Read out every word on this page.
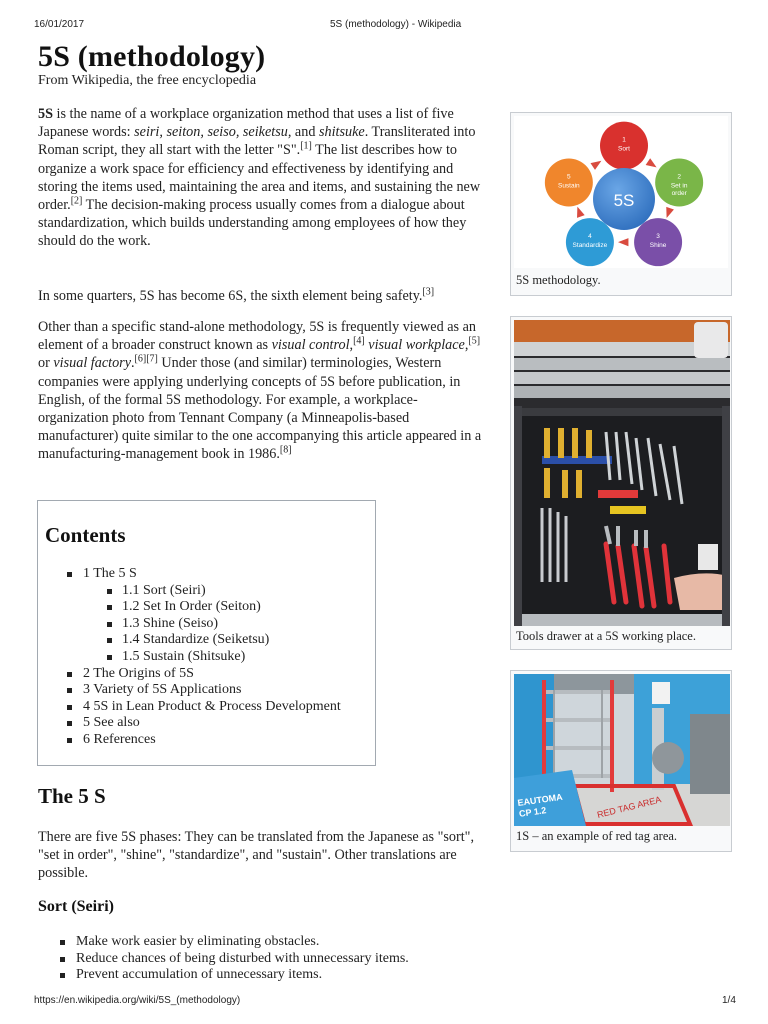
16/01/2017	5S (methodology) - Wikipedia
5S (methodology)
From Wikipedia, the free encyclopedia
5S is the name of a workplace organization method that uses a list of five Japanese words: seiri, seiton, seiso, seiketsu, and shitsuke. Transliterated into Roman script, they all start with the letter "S".[1] The list describes how to organize a work space for efficiency and effectiveness by identifying and storing the items used, maintaining the area and items, and sustaining the new order.[2] The decision-making process usually comes from a dialogue about standardization, which builds understanding among employees of how they should do the work.
In some quarters, 5S has become 6S, the sixth element being safety.[3]
Other than a specific stand-alone methodology, 5S is frequently viewed as an element of a broader construct known as visual control,[4] visual workplace,[5] or visual factory.[6][7] Under those (and similar) terminologies, Western companies were applying underlying concepts of 5S before publication, in English, of the formal 5S methodology. For example, a workplace-organization photo from Tennant Company (a Minneapolis-based manufacturer) quite similar to the one accompanying this article appeared in a manufacturing-management book in 1986.[8]
Contents
1 The 5 S
1.1 Sort (Seiri)
1.2 Set In Order (Seiton)
1.3 Shine (Seiso)
1.4 Standardize (Seiketsu)
1.5 Sustain (Shitsuke)
2 The Origins of 5S
3 Variety of 5S Applications
4 5S in Lean Product & Process Development
5 See also
6 References
The 5 S
There are five 5S phases: They can be translated from the Japanese as "sort", "set in order", "shine", "standardize", and "sustain". Other translations are possible.
Sort (Seiri)
Make work easier by eliminating obstacles.
Reduce chances of being disturbed with unnecessary items.
Prevent accumulation of unnecessary items.
1
Sort
2
Set in order
3
Shine
4
Standardize
5
Sustain
5S
5S methodology.
Tools drawer at a 5S working place.
RED TAG AREA
EAUTOMA CP 1.2
1S – an example of red tag area.
https://en.wikipedia.org/wiki/5S_(methodology)	1/4
